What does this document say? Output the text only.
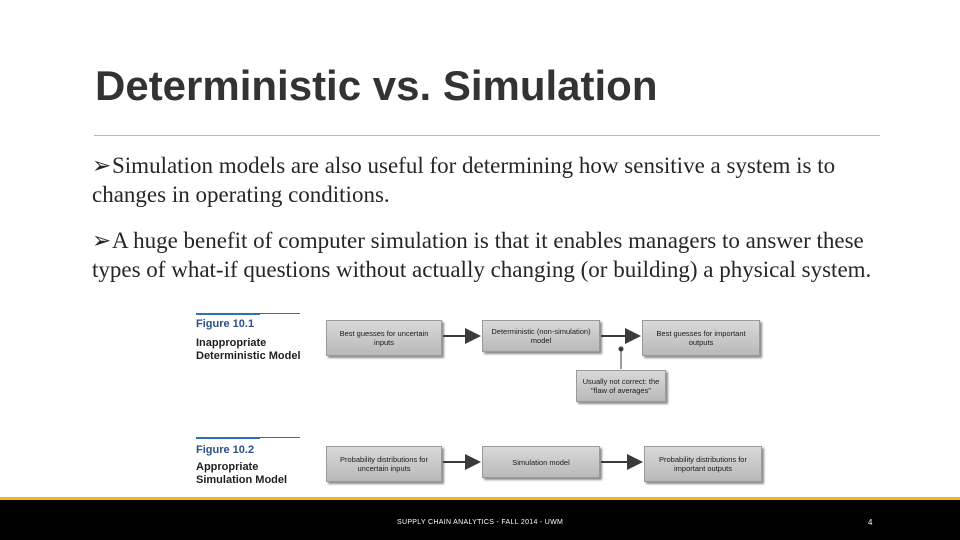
Deterministic vs. Simulation
➢Simulation models are also useful for determining how sensitive a system is to changes in operating conditions.
➢A huge benefit of computer simulation is that it enables managers to answer these types of what-if questions without actually changing (or building) a physical system.
Figure 10.1
Inappropriate
Deterministic Model
Best guesses for uncertain inputs
Deterministic (non-simulation) model
Best guesses for important outputs
Usually not correct: the "flaw of averages"
Figure 10.2
Appropriate
Simulation Model
Probability distributions for uncertain inputs
Simulation model	Probability distributions for important outputs
SUPPLY CHAIN ANALYTICS - FALL 2014 - UWM	4
